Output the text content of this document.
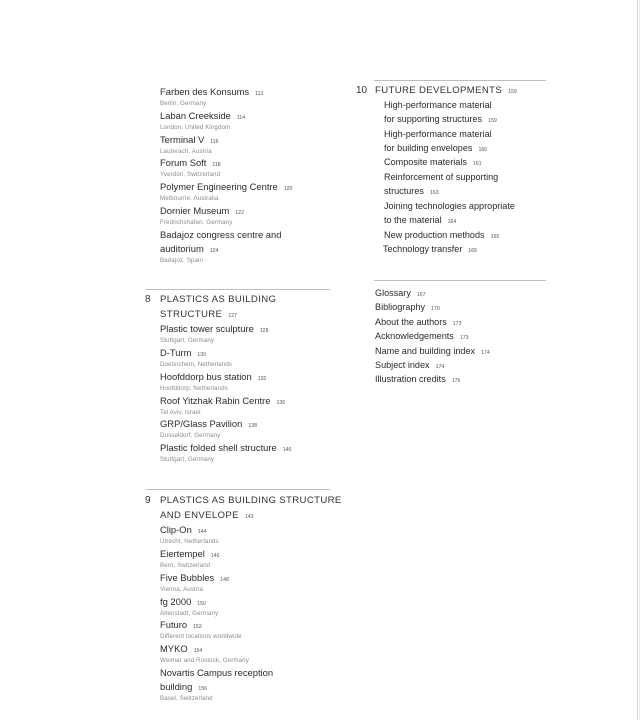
Farben des Konsums 112
Berlin, Germany
Laban Creekside 114
London, United Kingdom
Terminal V 116
Lauterach, Austria
Forum Soft 118
Yverdon, Switzerland
Polymer Engineering Centre 120
Melbourne, Australia
Dornier Museum 122
Fredrichshafen, Germany
Badajoz congress centre and
auditorium 124
Badajoz, Spain
8 PLASTICS AS BUILDING
STRUCTURE 127
Plastic tower sculpture 128
Stuttgart, Germany
D-Turm 130
Doetinchem, Netherlands
Hoofddorp bus station 132
Hoofddorp, Netherlands
Roof Yitzhak Rabin Centre 136
Tel Aviv, Israel
GRP/Glass Pavilion 138
Dusseldorf, Germany
Plastic folded shell structure 140
Stuttgart, Germany
9 PLASTICS AS BUILDING STRUCTURE
AND ENVELOPE 143
Clip-On 144
Utrecht, Netherlands
Eiertempel 146
Bern, Switzerland
Five Bubbles 148
Vienna, Austria
fg 2000 150
Altenstadt, Germany
Futuro 152
Different locations worldwide
MYKO 154
Weimar and Rostock, Germany
Novartis Campus reception
building 156
Basel, Switzerland
10 FUTURE DEVELOPMENTS 159
High-performance material
for supporting structures 159
High-performance material
for building envelopes 160
Composite materials 161
Reinforcement of supporting
structures 163
Joining technologies appropriate
to the material 164
New production methods 165
Technology transfer 166
Glossary 167
Bibliography 170
About the authors 173
Acknowledgements 173
Name and building index 174
Subject index 174
Illustration credits 176
